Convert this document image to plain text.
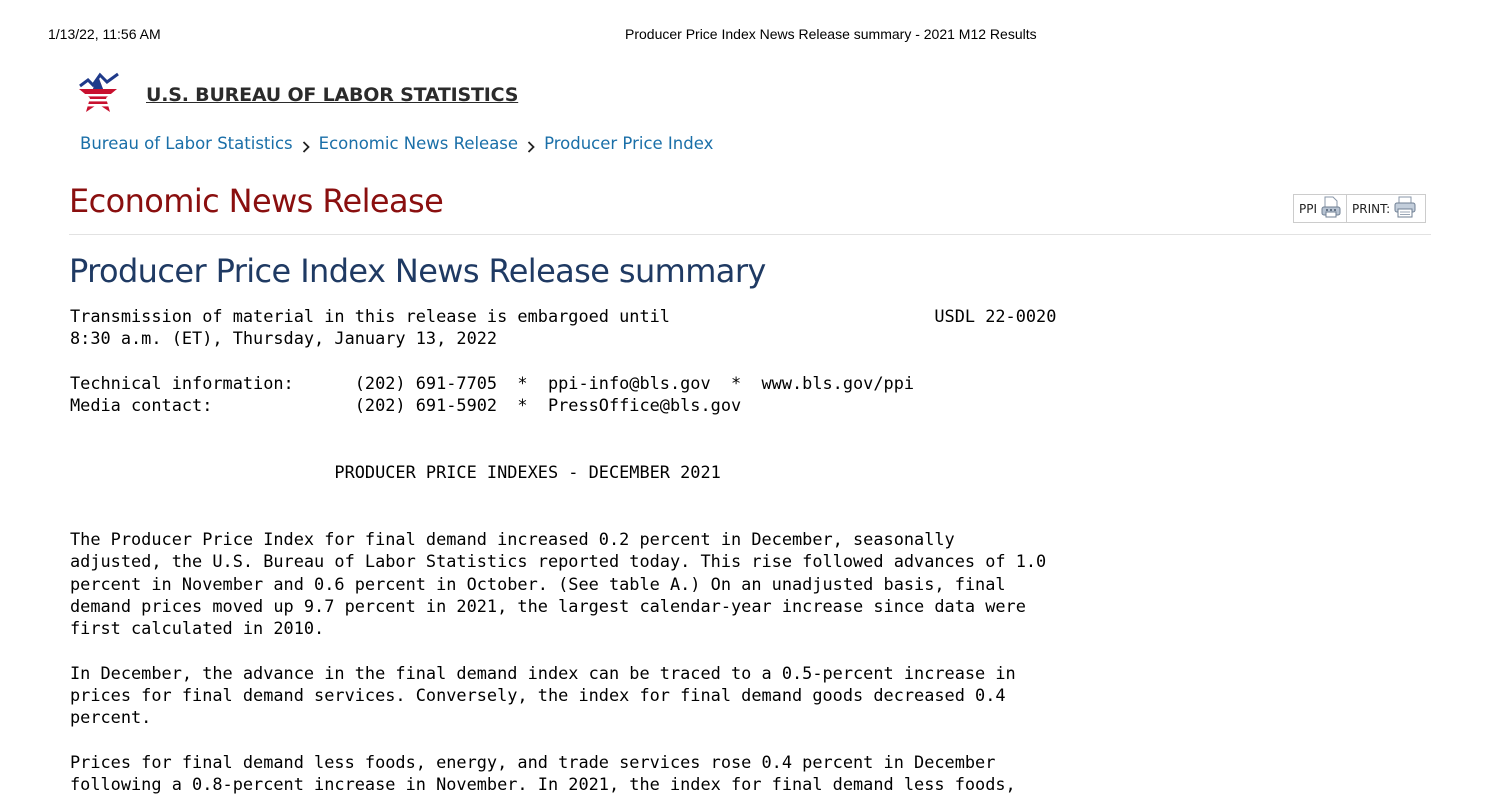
1/13/22, 11:56 AM	Producer Price Index News Release summary - 2021 M12 Results
U.S. BUREAU OF LABOR STATISTICS
Bureau of Labor Statistics Economic News Release Producer Price Index
Economic News Release	PPI	PRINT:
Producer Price Index News Release summary
Transmission of material in this release is embargoed until                          USDL 22-0020
8:30 a.m. (ET), Thursday, January 13, 2022

Technical information:      (202) 691-7705  *  ppi-info@bls.gov  *  www.bls.gov/ppi
Media contact:              (202) 691-5902  *  PressOffice@bls.gov

PRODUCER PRICE INDEXES - DECEMBER 2021

The Producer Price Index for final demand increased 0.2 percent in December, seasonally
adjusted, the U.S. Bureau of Labor Statistics reported today. This rise followed advances of 1.0
percent in November and 0.6 percent in October. (See table A.) On an unadjusted basis, final
demand prices moved up 9.7 percent in 2021, the largest calendar-year increase since data were
first calculated in 2010.

In December, the advance in the final demand index can be traced to a 0.5-percent increase in
prices for final demand services. Conversely, the index for final demand goods decreased 0.4
percent.

Prices for final demand less foods, energy, and trade services rose 0.4 percent in December
following a 0.8-percent increase in November. In 2021, the index for final demand less foods,
